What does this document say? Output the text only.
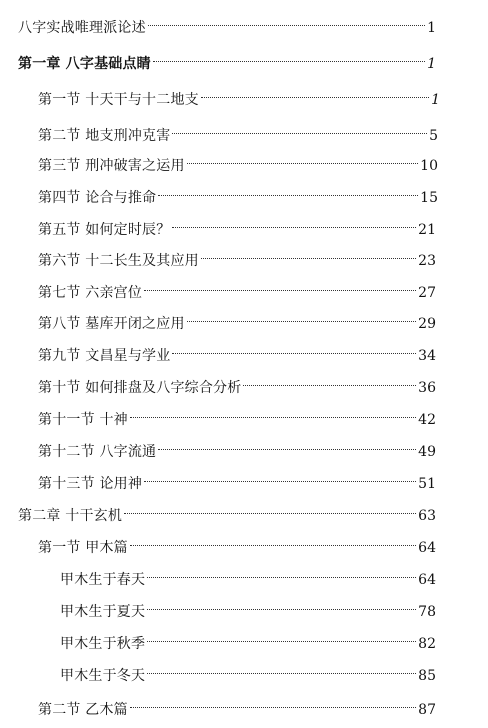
八字实战唯理派论述	1
第一章 八字基础点睛	1
第一节 十天干与十二地支	1
第二节 地支刑冲克害	5
第三节 刑冲破害之运用	10
第四节 论合与推命	15
第五节 如何定时辰？	21
第六节 十二长生及其应用	23
第七节 六亲宫位	27
第八节 墓库开闭之应用	29
第九节 文昌星与学业	34
第十节 如何排盘及八字综合分析	36
第十一节 十神	42
第十二节 八字流通	49
第十三节 论用神	51
第二章 十干玄机	63
第一节 甲木篇	64
甲木生于春天	64
甲木生于夏天	78
甲木生于秋季	82
甲木生于冬天	85
第二节 乙木篇	87
